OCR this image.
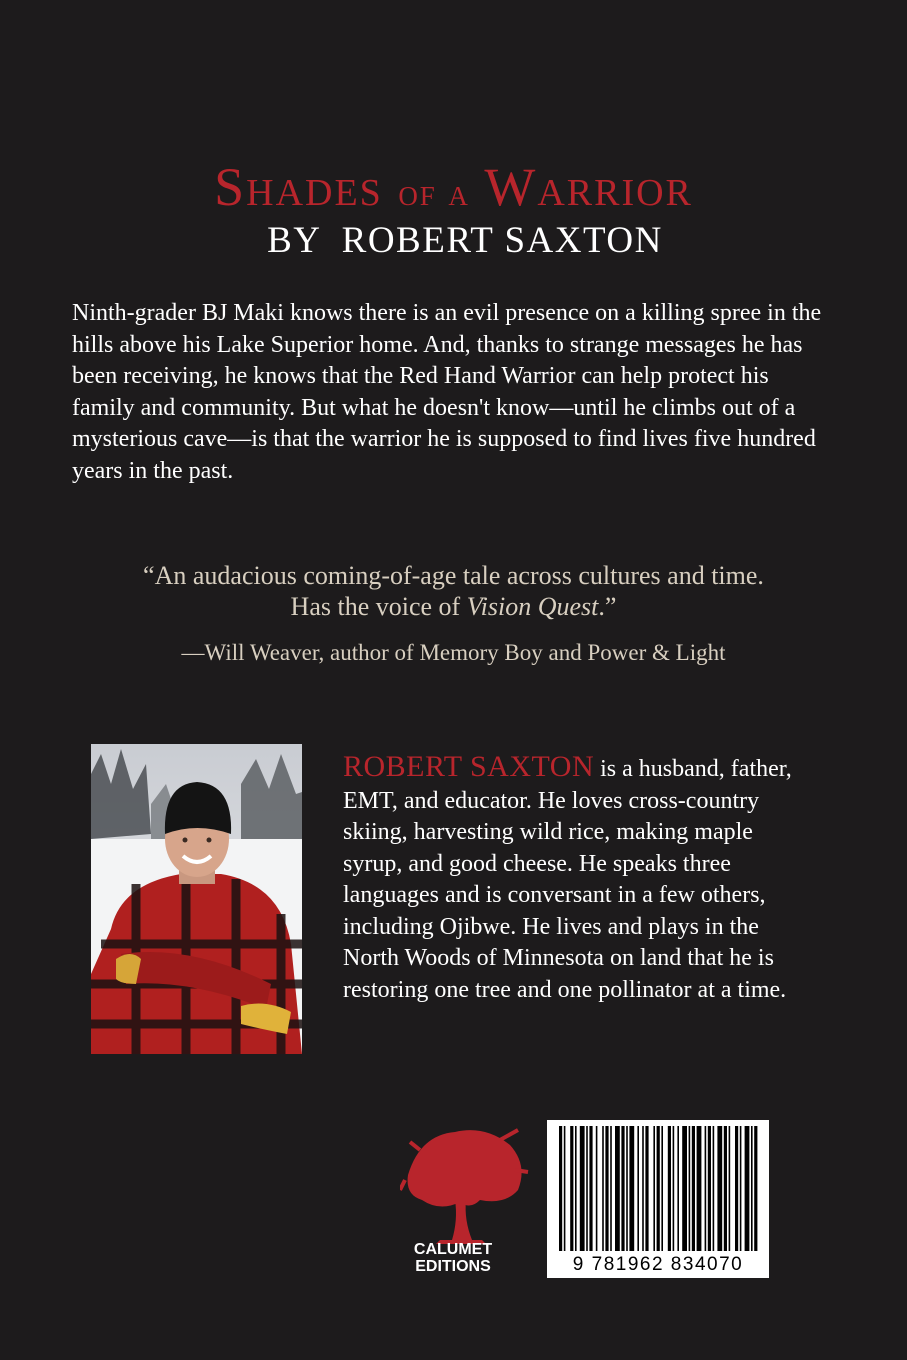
Shades of a Warrior
BY  ROBERT SAXTON
Ninth-grader BJ Maki knows there is an evil presence on a killing spree in the hills above his Lake Superior home. And, thanks to strange messages he has been receiving, he knows that the Red Hand Warrior can help protect his family and community. But what he doesn't know—until he climbs out of a mysterious cave—is that the warrior he is supposed to find lives five hundred years in the past.
“An audacious coming-of-age tale across cultures and time.
Has the voice of Vision Quest.”
—Will Weaver, author of Memory Boy and Power & Light
ROBERT SAXTON is a husband, father, EMT, and educator. He loves cross-country skiing, harvesting wild rice, making maple syrup, and good cheese. He speaks three languages and is conversant in a few others, including Ojibwe. He lives and plays in the North Woods of Minnesota on land that he is restoring one tree and one pollinator at a time.
CALUMET
EDITIONS	9 781962 834070
